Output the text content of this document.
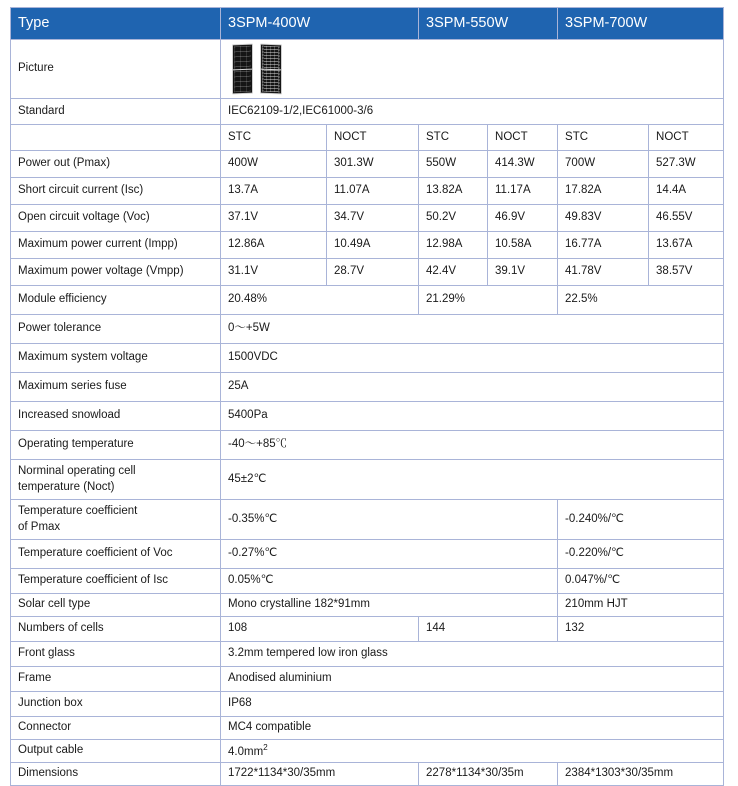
Type	3SPM-400W		3SPM-550W		3SPM-700W	
Picture						

Standard	IEC62109-1/2,IEC61000-3/6					
	STC	NOCT	STC	NOCT	STC	NOCT
Power out (Pmax)	400W	301.3W	550W	414.3W	700W	527.3W
Short circuit current (Isc)	13.7A	11.07A	13.82A	11.17A	17.82A	14.4A
Open circuit voltage (Voc)	37.1V	34.7V	50.2V	46.9V	49.83V	46.55V
Maximum power current (Impp)	12.86A	10.49A	12.98A	10.58A	16.77A	13.67A
Maximum power voltage (Vmpp)	31.1V	28.7V	42.4V	39.1V	41.78V	38.57V
Module efficiency	20.48%		21.29%		22.5%	
Power tolerance	0～+5W					
Maximum system voltage	1500VDC					
Maximum series fuse	25A					
Increased snowload	5400Pa					
Operating temperature	-40～+85℃					
Norminal operating cell
temperature (Noct)	45±2℃					
Temperature coefficient
of Pmax	-0.35%℃				-0.240%/℃	
Temperature coefficient of Voc	-0.27%℃				-0.220%/℃	
Temperature coefficient of Isc	0.05%℃				0.047%/℃	
Solar cell type	Mono crystalline 182*91mm				210mm HJT	
Numbers of cells	108		144		132	
Front glass	3.2mm tempered low iron glass					
Frame	Anodised aluminium					
Junction box	IP68					
Connector	MC4 compatible					
Output cable	$4.0mm^2$
Dimensions	1722*1134*30/35mm		2278*1134*30/35m		2384*1303*30/35mm	
